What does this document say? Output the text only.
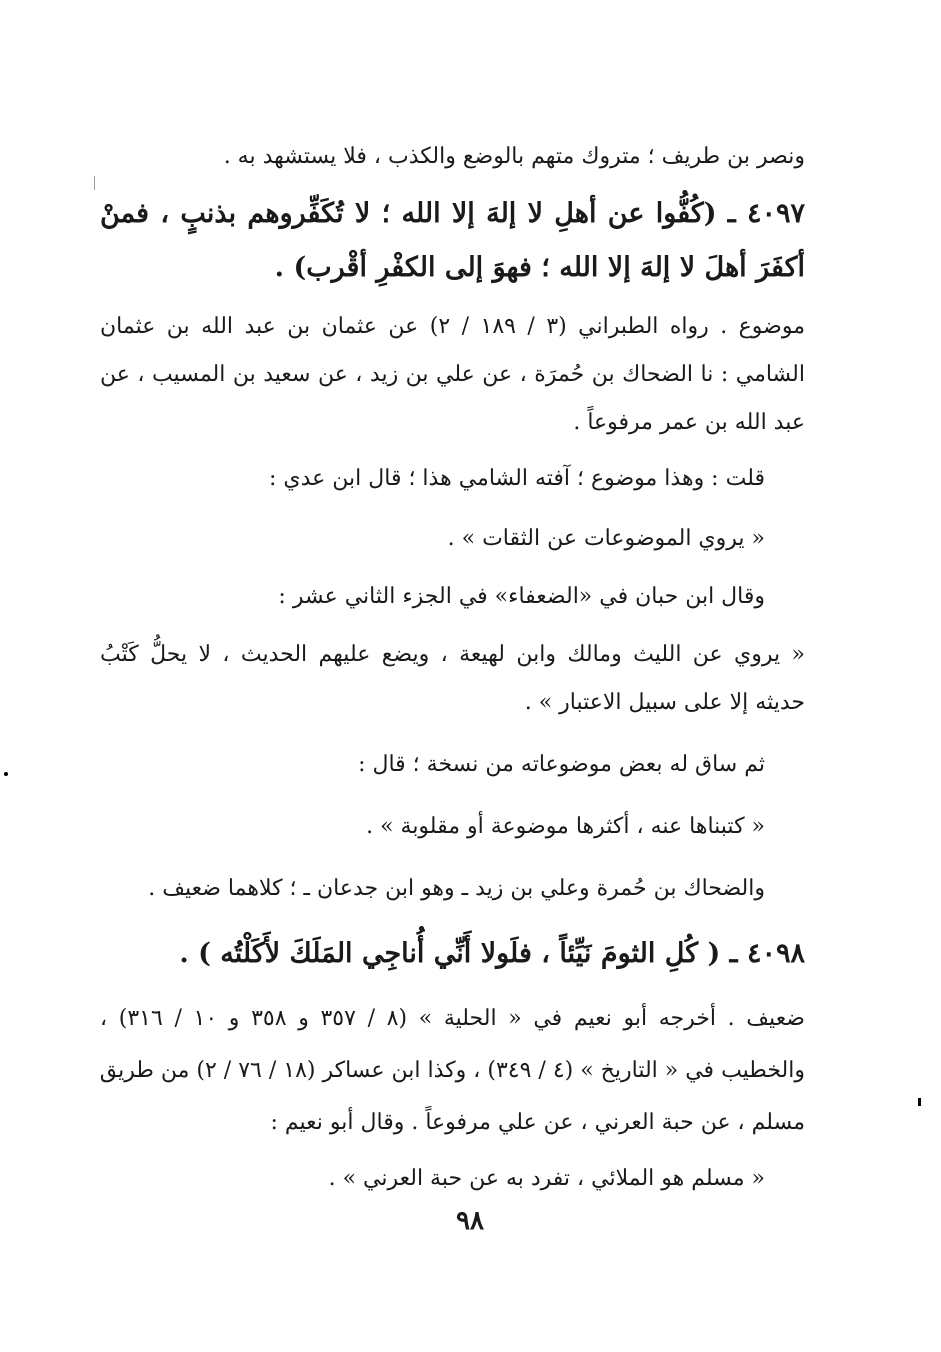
ونصر بن طريف ؛ متروك متهم بالوضع والكذب ، فلا يستشهد به .
٤٠٩٧ ـ (كُفُّوا عن أهلِ لا إلهَ إلا الله ؛ لا تُكَفِّروهم بذنبٍ ، فمنْ
أكفَرَ أهلَ لا إلهَ إلا الله ؛ فهوَ إلى الكفْرِ أقْرب) .
موضوع . رواه الطبراني (٣ / ١٨٩ / ٢) عن عثمان بن عبد الله بن عثمان
الشامي : نا الضحاك بن حُمرَة ، عن علي بن زيد ، عن سعيد بن المسيب ، عن
عبد الله بن عمر مرفوعاً .
قلت : وهذا موضوع ؛ آفته الشامي هذا ؛ قال ابن عدي :
« يروي الموضوعات عن الثقات » .
وقال ابن حبان في «الضعفاء» في الجزء الثاني عشر :
« يروي عن الليث ومالك وابن لهيعة ، ويضع عليهم الحديث ، لا يحلُّ كَتْبُ
حديثه إلا على سبيل الاعتبار » .
ثم ساق له بعض موضوعاته من نسخة ؛ قال :
« كتبناها عنه ، أكثرها موضوعة أو مقلوبة » .
والضحاك بن حُمرة وعلي بن زيد ـ وهو ابن جدعان ـ ؛ كلاهما ضعيف .
٤٠٩٨ ـ ( كُلِ الثومَ نَيِّئاً ، فلَولا أَنِّي أُناجِي المَلَكَ لأَكَلْتُه ) .
ضعيف . أخرجه أبو نعيم في « الحلية » (٨ / ٣٥٧ و ٣٥٨ و ١٠ / ٣١٦) ،
والخطيب في « التاريخ » (٤ / ٣٤٩) ، وكذا ابن عساكر (١٨ / ٧٦ / ٢) من طريق
مسلم ، عن حبة العرني ، عن علي مرفوعاً . وقال أبو نعيم :
« مسلم هو الملائي ، تفرد به عن حبة العرني » .
٩٨
